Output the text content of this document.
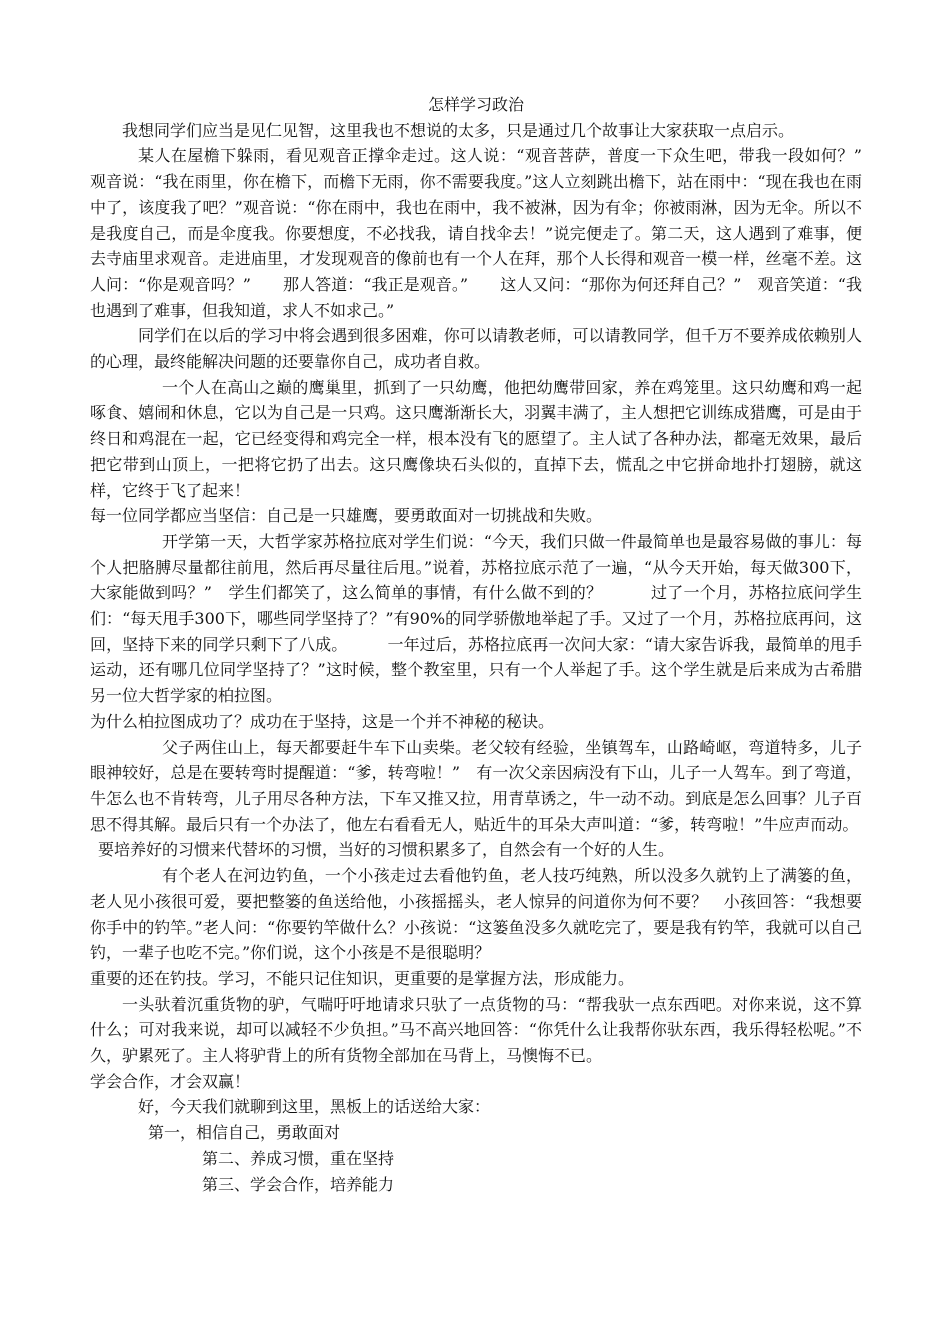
怎样学习政治

我想同学们应当是见仁见智，这里我也不想说的太多，只是通过几个故事让大家获取一点启示。

某人在屋檐下躲雨，看见观音正撑伞走过。这人说：“观音菩萨，普度一下众生吧，带我一段如何？”　　观音说：“我在雨里，你在檐下，而檐下无雨，你不需要我度。”这人立刻跳出檐下，站在雨中：“现在我也在雨中了，该度我了吧？”观音说：“你在雨中，我也在雨中，我不被淋，因为有伞；你被雨淋，因为无伞。所以不是我度自己，而是伞度我。你要想度，不必找我，请自找伞去！”说完便走了。第二天，这人遇到了难事，便去寺庙里求观音。走进庙里，才发现观音的像前也有一个人在拜，那个人长得和观音一模一样，丝毫不差。这人问：“你是观音吗？”　　那人答道：“我正是观音。”　　这人又问：“那你为何还拜自己？”　观音笑道：“我也遇到了难事，但我知道，求人不如求己。”

同学们在以后的学习中将会遇到很多困难，你可以请教老师，可以请教同学，但千万不要养成依赖别人的心理，最终能解决问题的还要靠你自己，成功者自救。

一个人在高山之巅的鹰巢里，抓到了一只幼鹰，他把幼鹰带回家，养在鸡笼里。这只幼鹰和鸡一起啄食、嬉闹和休息，它以为自己是一只鸡。这只鹰渐渐长大，羽翼丰满了，主人想把它训练成猎鹰，可是由于终日和鸡混在一起，它已经变得和鸡完全一样，根本没有飞的愿望了。主人试了各种办法，都毫无效果，最后把它带到山顶上，一把将它扔了出去。这只鹰像块石头似的，直掉下去，慌乱之中它拼命地扑打翅膀，就这样，它终于飞了起来！

每一位同学都应当坚信：自己是一只雄鹰，要勇敢面对一切挑战和失败。

开学第一天，大哲学家苏格拉底对学生们说：“今天，我们只做一件最简单也是最容易做的事儿：每个人把胳膊尽量都往前甩，然后再尽量往后甩。”说着，苏格拉底示范了一遍，“从今天开始，每天做300下，大家能做到吗？”　学生们都笑了，这么简单的事情，有什么做不到的？　　　过了一个月，苏格拉底问学生们：“每天甩手300下，哪些同学坚持了？”有90%的同学骄傲地举起了手。又过了一个月，苏格拉底再问，这回，坚持下来的同学只剩下了八成。　　　一年过后，苏格拉底再一次问大家：“请大家告诉我，最简单的甩手运动，还有哪几位同学坚持了？”这时候，整个教室里，只有一个人举起了手。这个学生就是后来成为古希腊另一位大哲学家的柏拉图。

为什么柏拉图成功了？成功在于坚持，这是一个并不神秘的秘诀。

父子两住山上，每天都要赶牛车下山卖柴。老父较有经验，坐镇驾车，山路崎岖，弯道特多，儿子眼神较好，总是在要转弯时提醒道：“爹，转弯啦！”　有一次父亲因病没有下山，儿子一人驾车。到了弯道，牛怎么也不肯转弯，儿子用尽各种方法，下车又推又拉，用青草诱之，牛一动不动。到底是怎么回事？儿子百思不得其解。最后只有一个办法了，他左右看看无人，贴近牛的耳朵大声叫道：“爹，转弯啦！”牛应声而动。

要培养好的习惯来代替坏的习惯，当好的习惯积累多了，自然会有一个好的人生。

有个老人在河边钓鱼，一个小孩走过去看他钓鱼，老人技巧纯熟，所以没多久就钓上了满篓的鱼，老人见小孩很可爱，要把整篓的鱼送给他，小孩摇摇头，老人惊异的问道你为何不要？　小孩回答：“我想要你手中的钓竿。”老人问：“你要钓竿做什么？小孩说：“这篓鱼没多久就吃完了，要是我有钓竿，我就可以自己钓，一辈子也吃不完。”你们说，这个小孩是不是很聪明？

重要的还在钓技。学习，不能只记住知识，更重要的是掌握方法，形成能力。

一头驮着沉重货物的驴，气喘吁吁地请求只驮了一点货物的马：“帮我驮一点东西吧。对你来说，这不算什么；可对我来说，却可以减轻不少负担。”马不高兴地回答：“你凭什么让我帮你驮东西，我乐得轻松呢。”不久，驴累死了。主人将驴背上的所有货物全部加在马背上，马懊悔不已。

学会合作，才会双赢！

好，今天我们就聊到这里，黑板上的话送给大家：

第一，相信自己，勇敢面对

第二、养成习惯，重在坚持

第三、学会合作，培养能力
